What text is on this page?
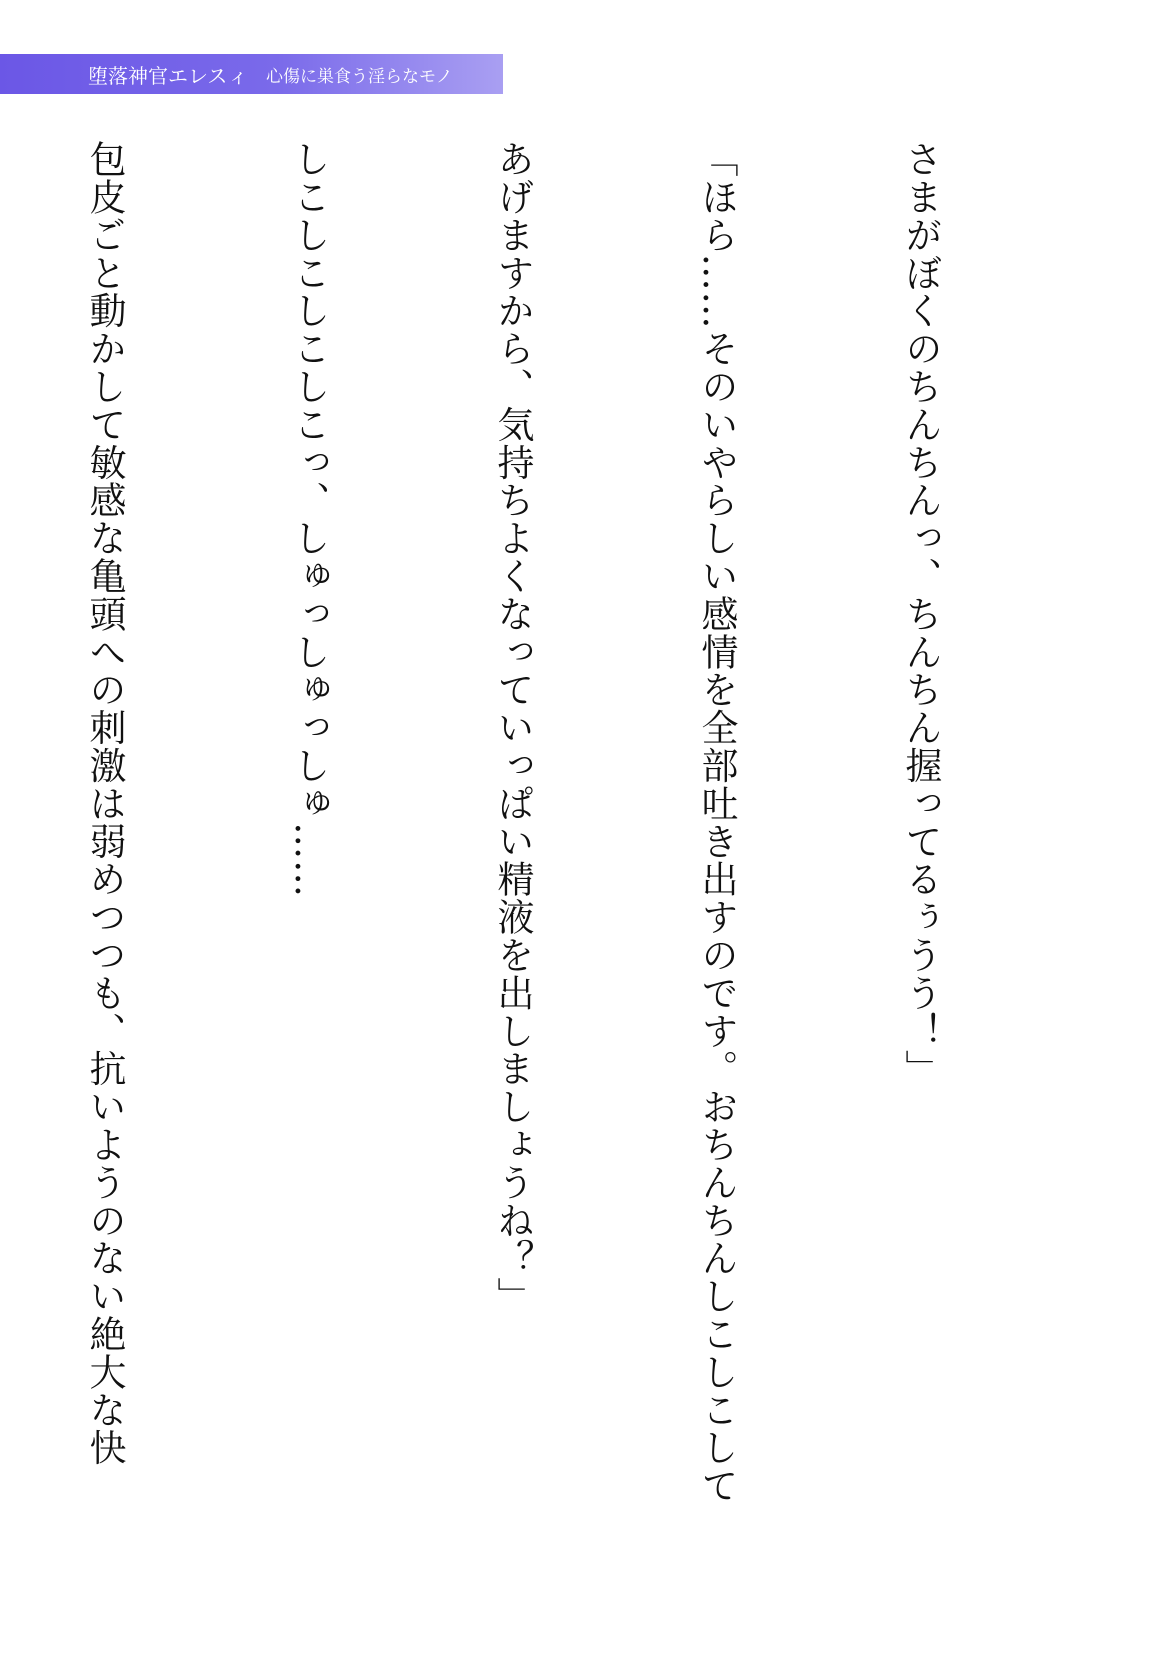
堕落神官エレスィ 心傷に巣食う淫らなモノ

さまがぼくのちんちんっ、ちんちん握ってるぅうう！」

「ほら……そのいやらしい感情を全部吐き出すのです。おちんちんしこしこして

あげますから、気持ちよくなっていっぱい精液を出しましょうね？」

しこしこしこしこっ、しゅっしゅっしゅ……

包皮ごと動かして敏感な亀頭への刺激は弱めつつも、抗いようのない絶大な快
